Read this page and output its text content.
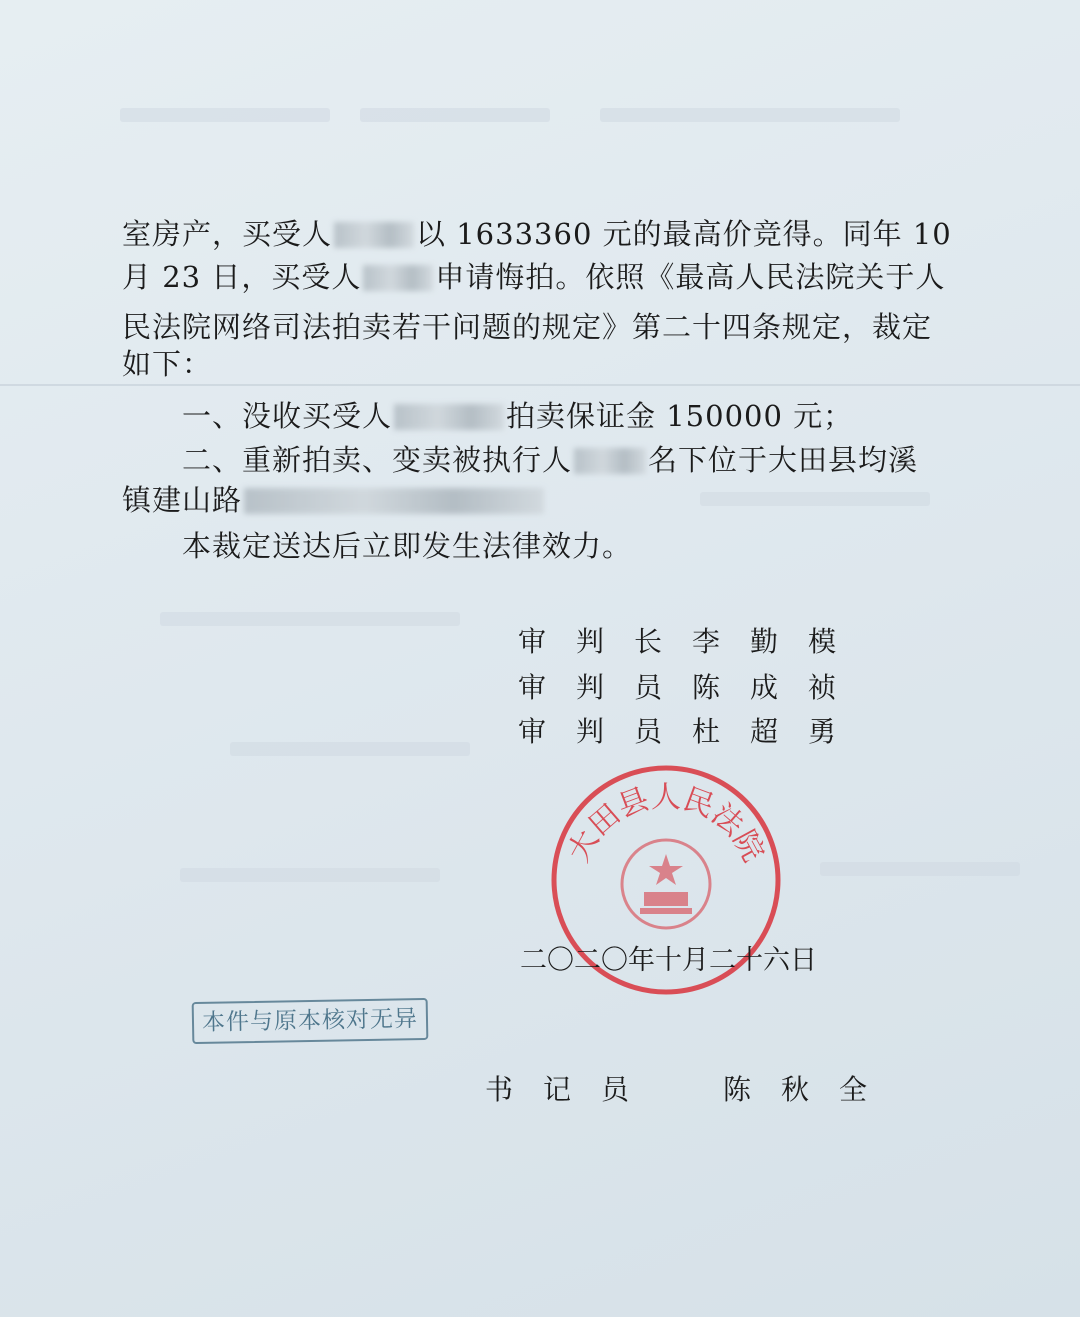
室房产，买受人	以 1633360 元的最高价竞得。同年 10
月 23 日，买受人	申请悔拍。依照《最高人民法院关于人
民法院网络司法拍卖若干问题的规定》第二十四条规定，裁定
如下：
　　一、没收买受人	拍卖保证金 150000 元；
　　二、重新拍卖、变卖被执行人	名下位于大田县均溪
镇建山路
　　本裁定送达后立即发生法律效力。
审 判 长 李 勤 模
审 判 员 陈 成 祯
审 判 员 杜 超 勇
大田县人民法院
二〇二〇年十月二十六日
本件与原本核对无异
书 记 员	陈 秋 全
